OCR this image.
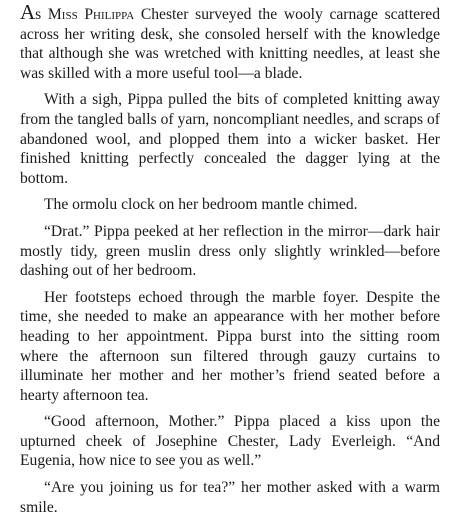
As Miss Philippa Chester surveyed the wooly carnage scattered across her writing desk, she consoled herself with the knowledge that although she was wretched with knitting needles, at least she was skilled with a more useful tool—a blade.

With a sigh, Pippa pulled the bits of completed knitting away from the tangled balls of yarn, noncompliant needles, and scraps of abandoned wool, and plopped them into a wicker basket. Her finished knitting perfectly concealed the dagger lying at the bottom.

The ormolu clock on her bedroom mantle chimed.

“Drat.” Pippa peeked at her reflection in the mirror—dark hair mostly tidy, green muslin dress only slightly wrinkled—before dashing out of her bedroom.

Her footsteps echoed through the marble foyer. Despite the time, she needed to make an appearance with her mother before heading to her appointment. Pippa burst into the sitting room where the afternoon sun filtered through gauzy curtains to illuminate her mother and her mother’s friend seated before a hearty afternoon tea.

“Good afternoon, Mother.” Pippa placed a kiss upon the upturned cheek of Josephine Chester, Lady Everleigh. “And Eugenia, how nice to see you as well.”

“Are you joining us for tea?” her mother asked with a warm smile.
